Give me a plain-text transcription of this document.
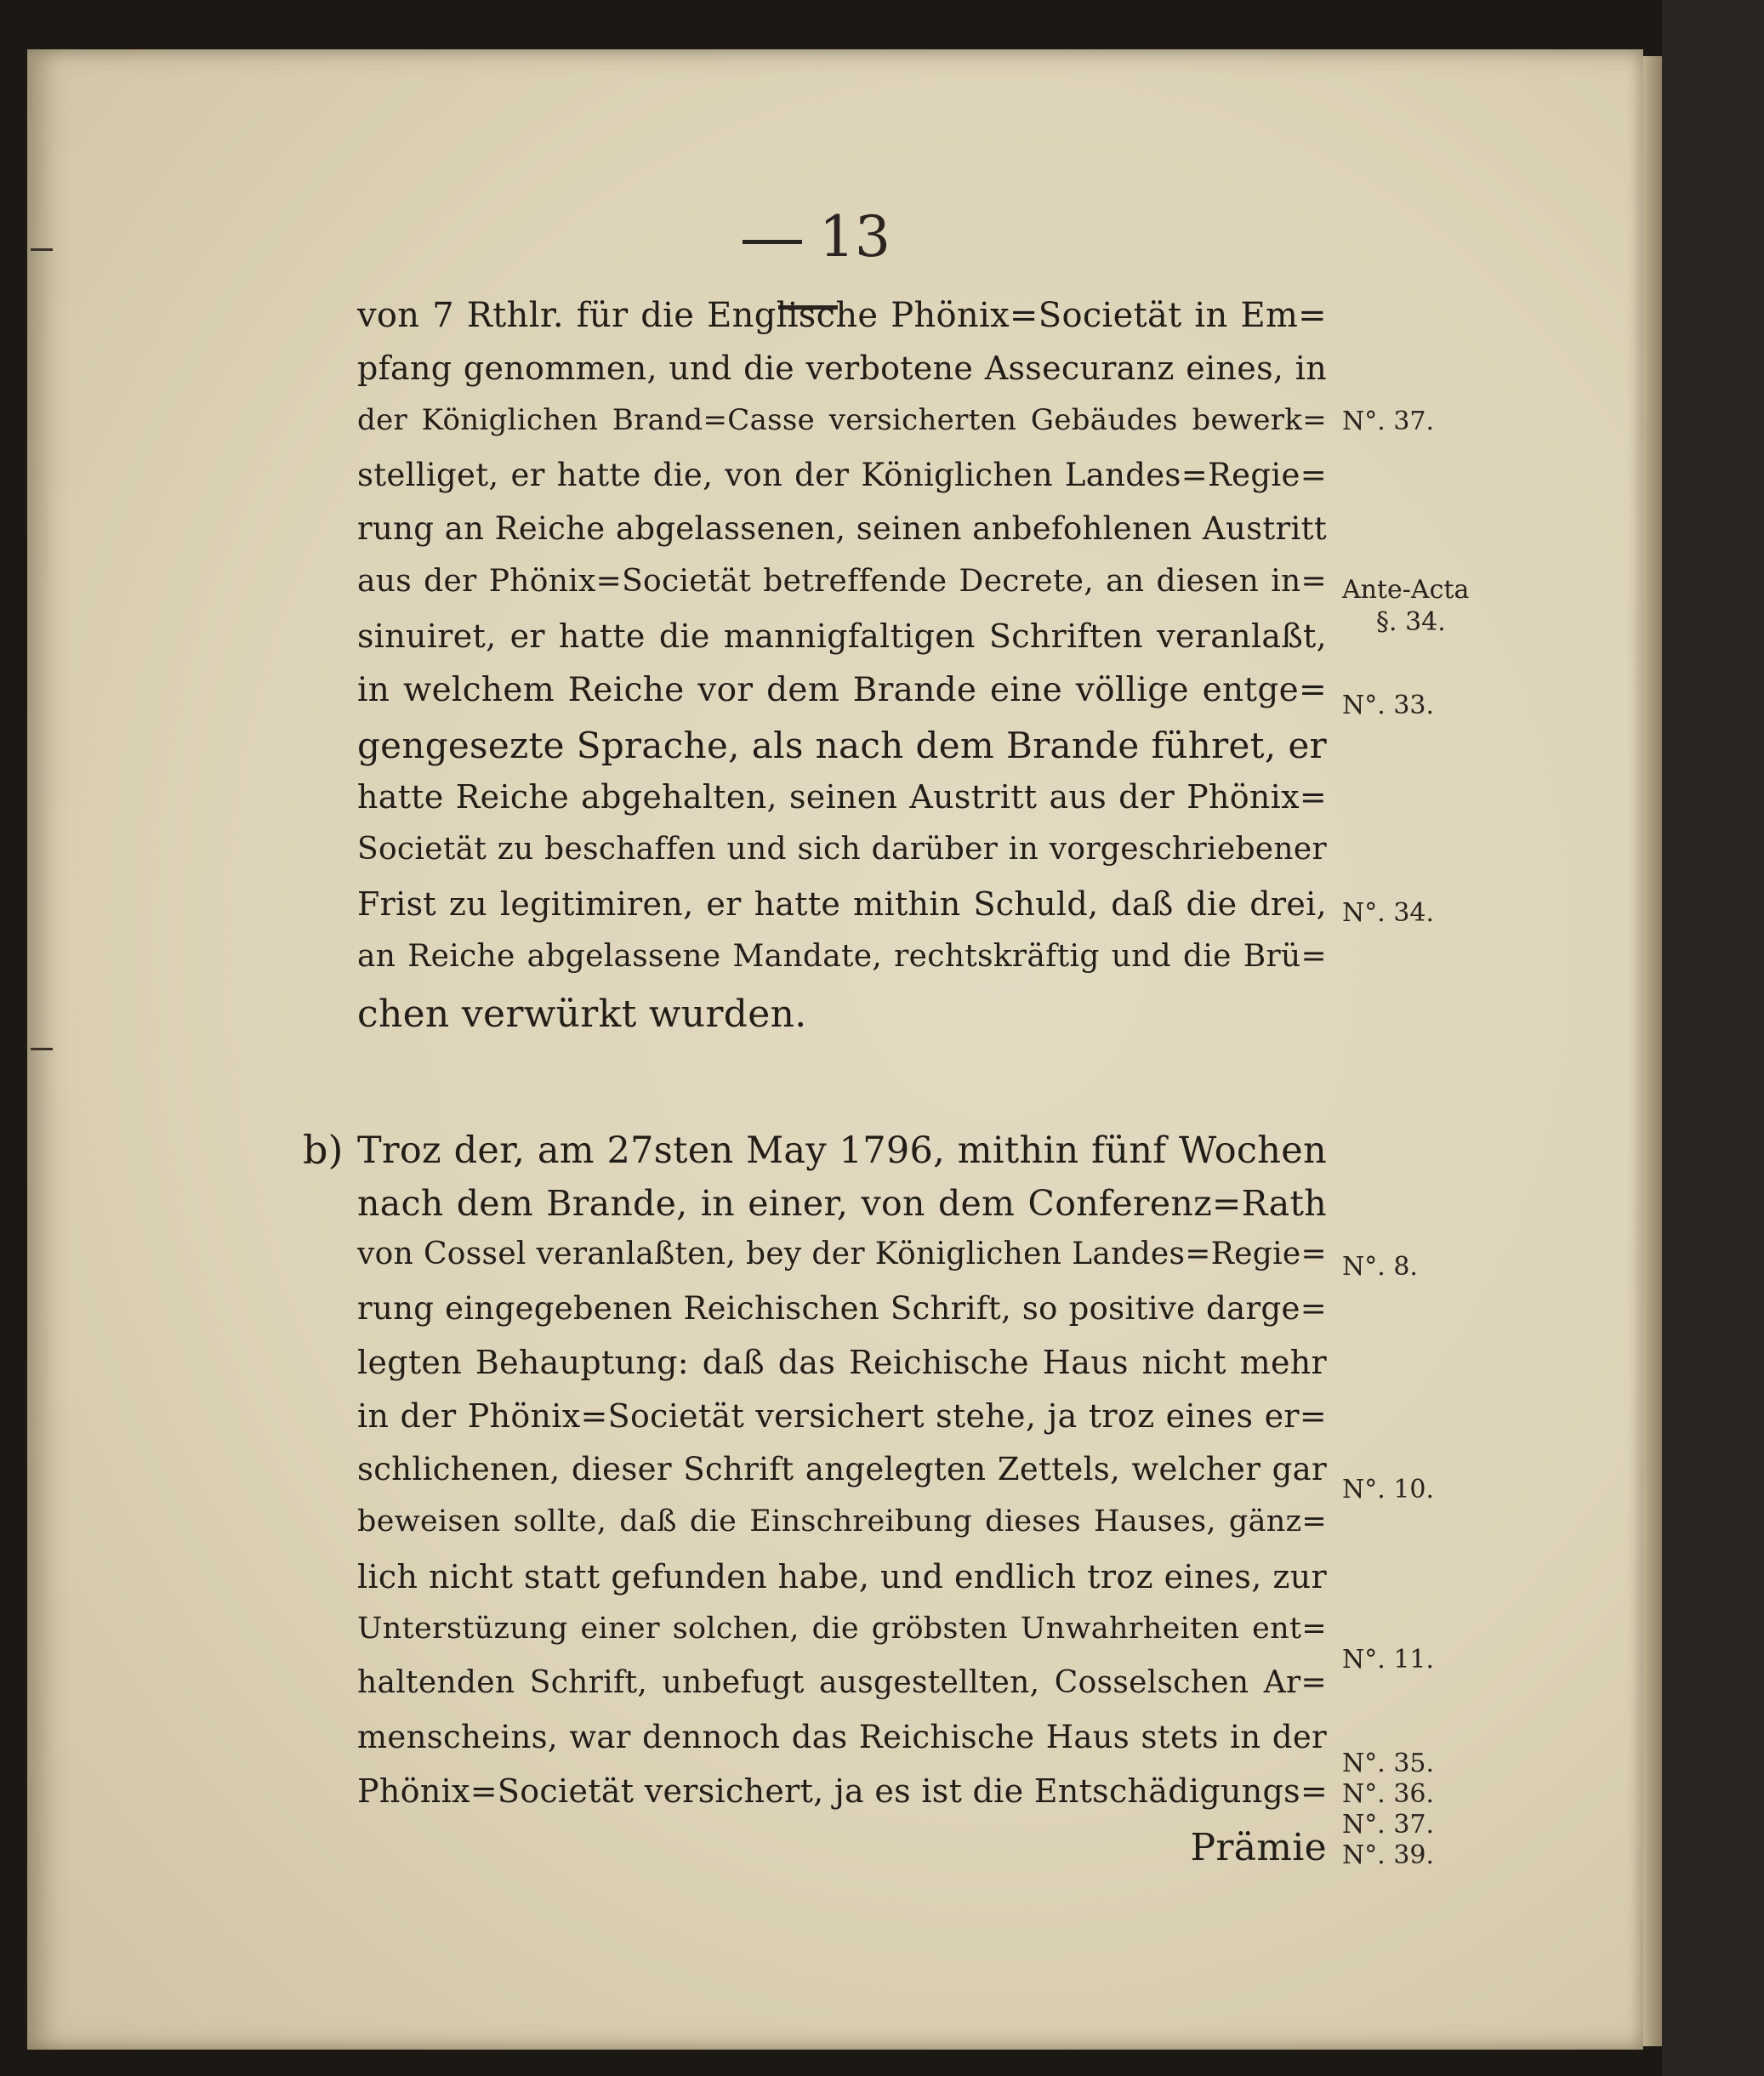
13
von 7 Rthlr. für die Englische Phönix=Societät in Em=
pfang genommen, und die verbotene Assecuranz eines, in
der Königlichen Brand=Casse versicherten Gebäudes bewerk=
stelliget, er hatte die, von der Königlichen Landes=Regie=
rung an Reiche abgelassenen, seinen anbefohlenen Austritt
aus der Phönix=Societät betreffende Decrete, an diesen in=
sinuiret, er hatte die mannigfaltigen Schriften veranlaßt,
in welchem Reiche vor dem Brande eine völlige entge=
gengesezte Sprache, als nach dem Brande führet, er
hatte Reiche abgehalten, seinen Austritt aus der Phönix=
Societät zu beschaffen und sich darüber in vorgeschriebener
Frist zu legitimiren, er hatte mithin Schuld, daß die drei,
an Reiche abgelassene Mandate, rechtskräftig und die Brü=
chen verwürkt wurden.
b) Troz der, am 27sten May 1796, mithin fünf Wochen
nach dem Brande, in einer, von dem Conferenz=Rath
von Cossel veranlaßten, bey der Königlichen Landes=Regie=
rung eingegebenen Reichischen Schrift, so positive darge=
legten Behauptung: daß das Reichische Haus nicht mehr
in der Phönix=Societät versichert stehe, ja troz eines er=
schlichenen, dieser Schrift angelegten Zettels, welcher gar
beweisen sollte, daß die Einschreibung dieses Hauses, gänz=
lich nicht statt gefunden habe, und endlich troz eines, zur
Unterstüzung einer solchen, die gröbsten Unwahrheiten ent=
haltenden Schrift, unbefugt ausgestellten, Cosselschen Ar=
menscheins, war dennoch das Reichische Haus stets in der
Phönix=Societät versichert, ja es ist die Entschädigungs=
Prämie
N°. 37.
Ante-Acta
§. 34.
N°. 33.
N°. 34.
N°. 8.
N°. 10.
N°. 11.
N°. 35.
N°. 36.
N°. 37.
N°. 39.
